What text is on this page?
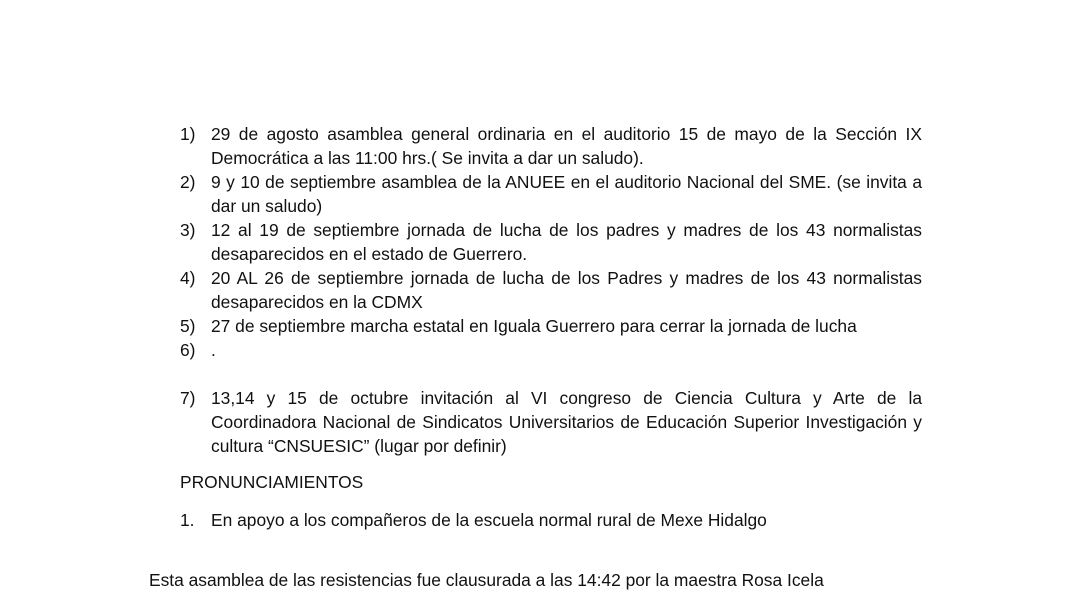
1) 29 de agosto asamblea general ordinaria en el auditorio 15 de mayo de la Sección IX Democrática a las 11:00 hrs.( Se invita a dar un saludo).
2) 9 y 10 de septiembre asamblea de la ANUEE en el auditorio Nacional del SME. (se invita a dar un saludo)
3) 12 al 19 de septiembre jornada de lucha de los padres y madres de los 43 normalistas desaparecidos en el estado de Guerrero.
4) 20 AL 26 de septiembre jornada de lucha de los Padres y madres de los 43 normalistas desaparecidos en la CDMX
5) 27 de septiembre marcha estatal en Iguala Guerrero para cerrar la jornada de lucha
6) .
7) 13,14 y 15 de octubre invitación al VI congreso de Ciencia Cultura y Arte de la Coordinadora Nacional de Sindicatos Universitarios de Educación Superior Investigación y cultura “CNSUESIC” (lugar por definir)
PRONUNCIAMIENTOS
1. En apoyo a los compañeros de la escuela normal rural de Mexe Hidalgo
Esta asamblea de las resistencias fue clausurada a las 14:42 por la maestra Rosa Icela
